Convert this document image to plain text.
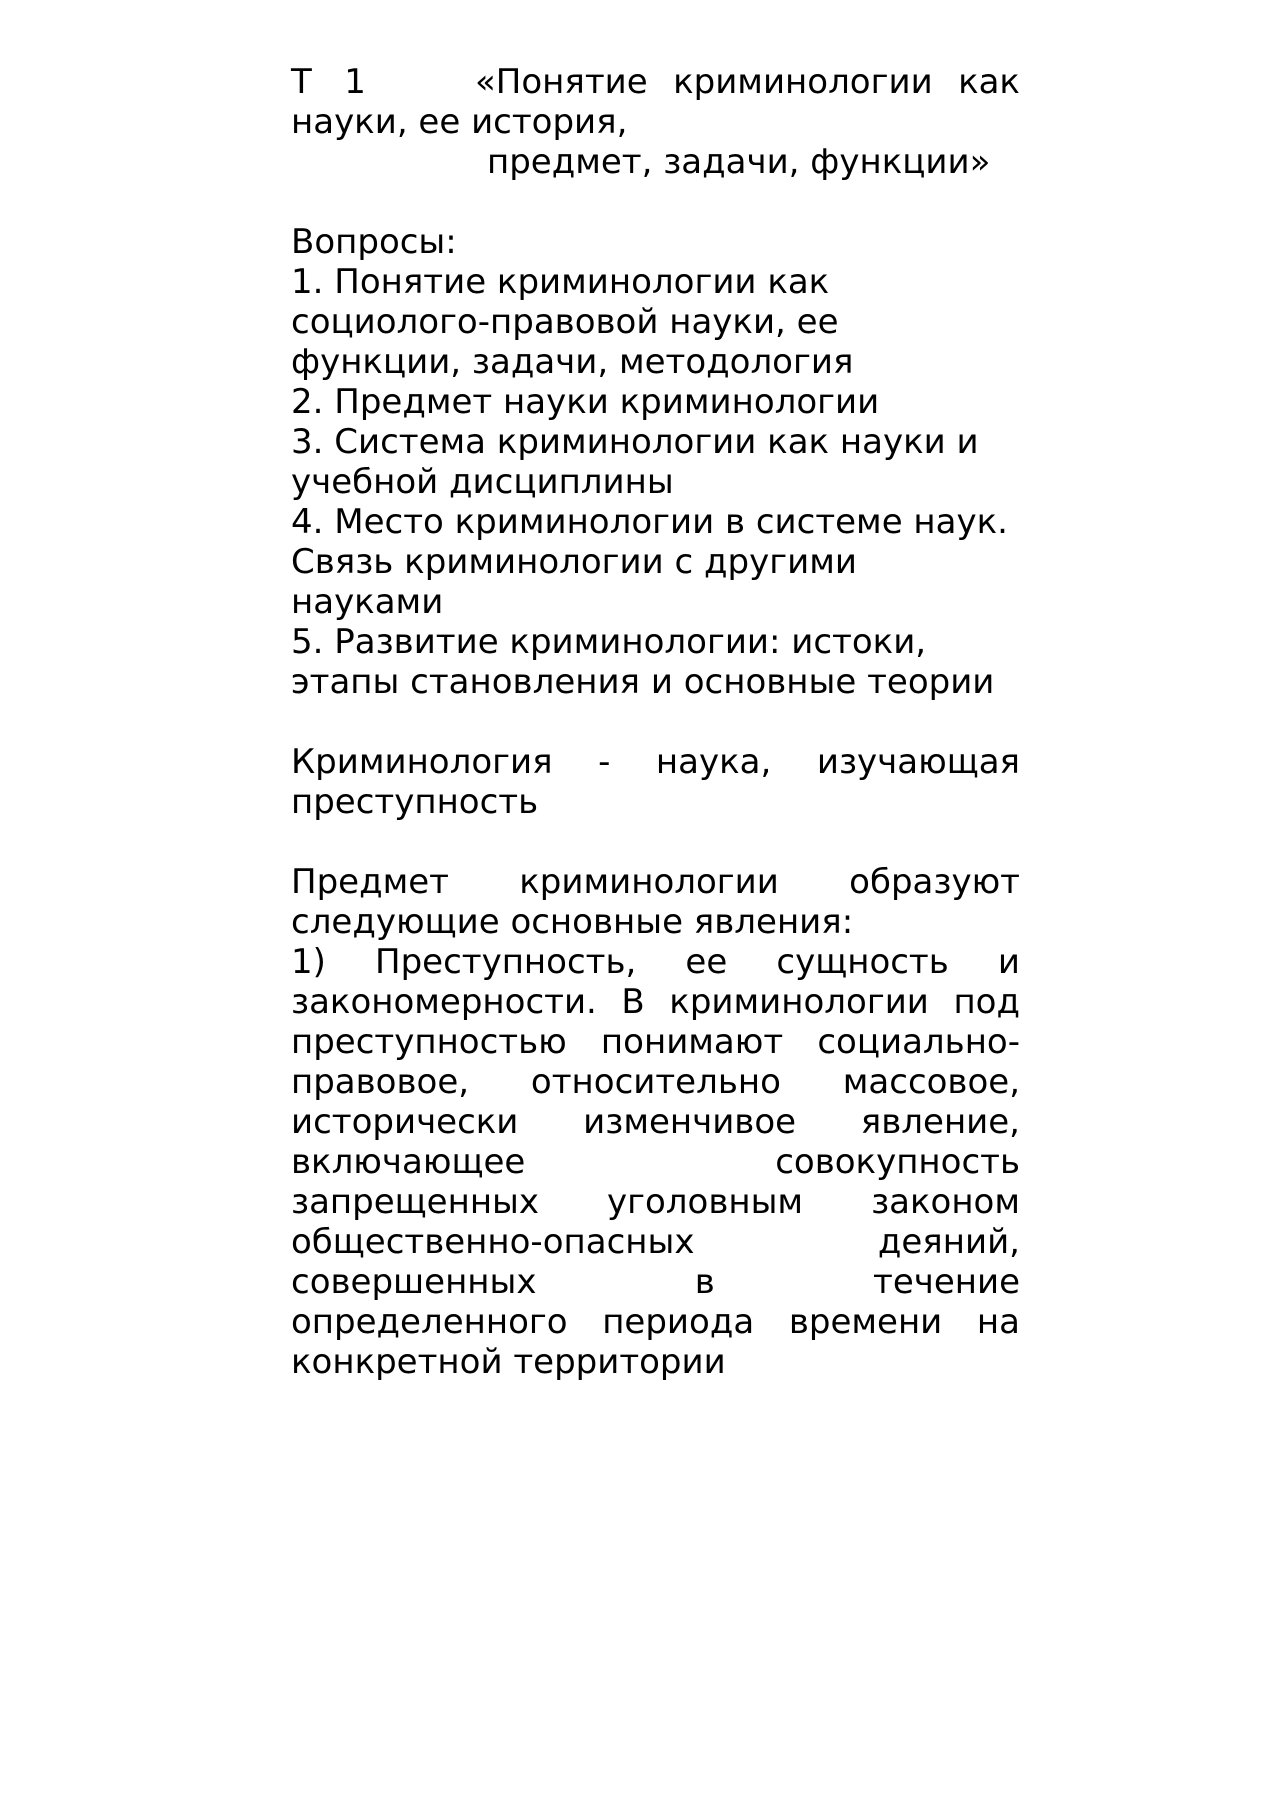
Т 1	«Понятие криминологии как

науки, ее история,

предмет, задачи, функции»

Вопросы:

1. Понятие криминологии как

социолого-правовой науки, ее

функции, задачи, методология

2. Предмет науки криминологии

3. Система криминологии как науки и

учебной дисциплины

4. Место криминологии в системе наук.

Связь криминологии с другими

науками

5. Развитие криминологии: истоки,

этапы становления и основные теории

Криминология - наука, изучающая

преступность

Предмет криминологии образуют

следующие основные явления:

1) Преступность, ее сущность и

закономерности. В криминологии под

преступностью понимают социально-

правовое, относительно массовое,

исторически изменчивое явление,

включающее совокупность

запрещенных уголовным законом

общественно-опасных деяний,

совершенных в течение

определенного периода времени на

конкретной территории
